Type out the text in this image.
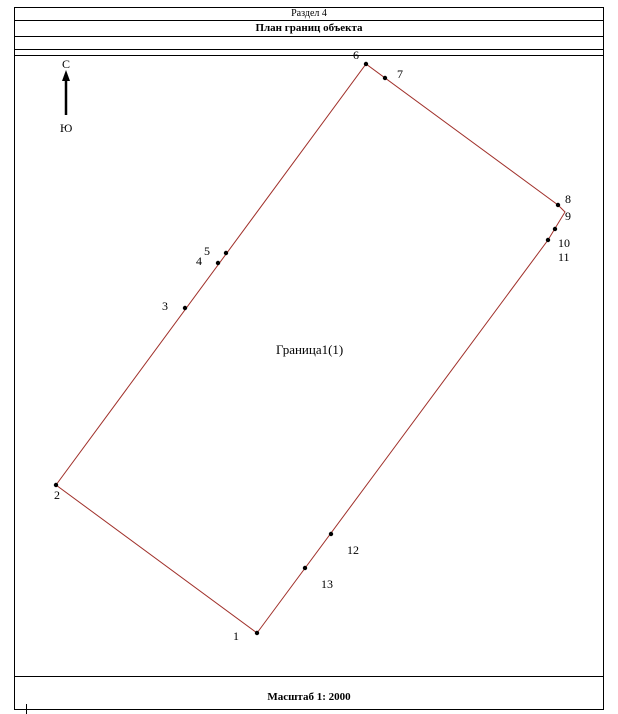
Раздел 4
План границ объекта
Масштаб 1: 2000
С
Ю
1
2
3
4
5
6
7
8
9
10
11
12
13
Граница1(1)
